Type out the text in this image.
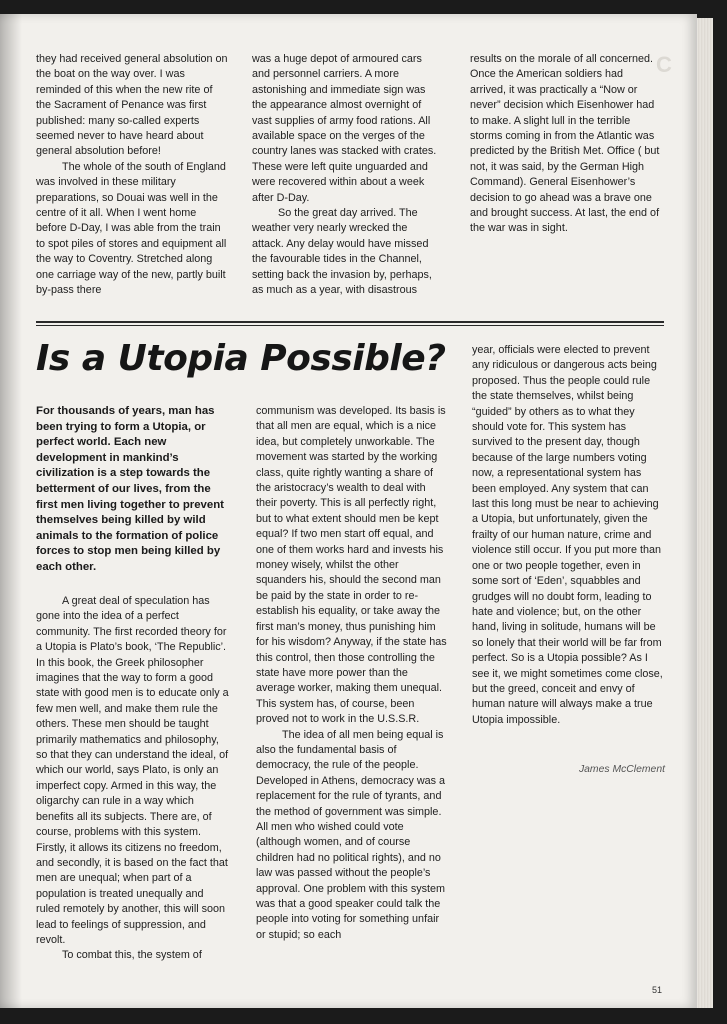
C

they had received general absolution on the boat on the way over. I was reminded of this when the new rite of the Sacrament of Penance was first published: many so-called experts seemed never to have heard about general absolution before!

The whole of the south of England was involved in these military preparations, so Douai was well in the centre of it all. When I went home before D-Day, I was able from the train to spot piles of stores and equipment all the way to Coventry. Stretched along one carriage way of the new, partly built by-pass there

was a huge depot of armoured cars and personnel carriers. A more astonishing and immediate sign was the appearance almost overnight of vast supplies of army food rations. All available space on the verges of the country lanes was stacked with crates. These were left quite unguarded and were recovered within about a week after D-Day.

So the great day arrived. The weather very nearly wrecked the attack. Any delay would have missed the favourable tides in the Channel, setting back the invasion by, perhaps, as much as a year, with disastrous

results on the morale of all concerned. Once the American soldiers had arrived, it was practically a “Now or never” decision which Eisenhower had to make. A slight lull in the terrible storms coming in from the Atlantic was predicted by the British Met. Office ( but not, it was said, by the German High Command). General Eisenhower’s decision to go ahead was a brave one and brought success. At last, the end of the war was in sight.

Is a Utopia Possible?
For thousands of years, man has been trying to form a Utopia, or perfect world. Each new development in mankind’s civilization is a step towards the betterment of our lives, from the first men living together to prevent themselves being killed by wild animals to the formation of police forces to stop men being killed by each other.

A great deal of speculation has gone into the idea of a perfect community. The first recorded theory for a Utopia is Plato’s book, ‘The Republic’. In this book, the Greek philosopher imagines that the way to form a good state with good men is to educate only a few men well, and make them rule the others. These men should be taught primarily mathematics and philosophy, so that they can understand the ideal, of which our world, says Plato, is only an imperfect copy. Armed in this way, the oligarchy can rule in a way which benefits all its subjects. There are, of course, problems with this system. Firstly, it allows its citizens no freedom, and secondly, it is based on the fact that men are unequal; when part of a population is treated unequally and ruled remotely by another, this will soon lead to feelings of suppression, and revolt.

To combat this, the system of

communism was developed. Its basis is that all men are equal, which is a nice idea, but completely unworkable. The movement was started by the working class, quite rightly wanting a share of the aristocracy’s wealth to deal with their poverty. This is all perfectly right, but to what extent should men be kept equal? If two men start off equal, and one of them works hard and invests his money wisely, whilst the other squanders his, should the second man be paid by the state in order to re-establish his equality, or take away the first man’s money, thus punishing him for his wisdom? Anyway, if the state has this control, then those controlling the state have more power than the average worker, making them unequal. This system has, of course, been proved not to work in the U.S.S.R.

The idea of all men being equal is also the fundamental basis of democracy, the rule of the people. Developed in Athens, democracy was a replacement for the rule of tyrants, and the method of government was simple. All men who wished could vote (although women, and of course children had no political rights), and no law was passed without the people’s approval. One problem with this system was that a good speaker could talk the people into voting for something unfair or stupid; so each

year, officials were elected to prevent any ridiculous or dangerous acts being proposed. Thus the people could rule the state themselves, whilst being “guided” by others as to what they should vote for. This system has survived to the present day, though because of the large numbers voting now, a representational system has been employed. Any system that can last this long must be near to achieving a Utopia, but unfortunately, given the frailty of our human nature, crime and violence still occur. If you put more than one or two people together, even in some sort of ‘Eden’, squabbles and grudges will no doubt form, leading to hate and violence; but, on the other hand, living in solitude, humans will be so lonely that their world will be far from perfect. So is a Utopia possible? As I see it, we might sometimes come close, but the greed, conceit and envy of human nature will always make a true Utopia impossible.

James McClement
51
